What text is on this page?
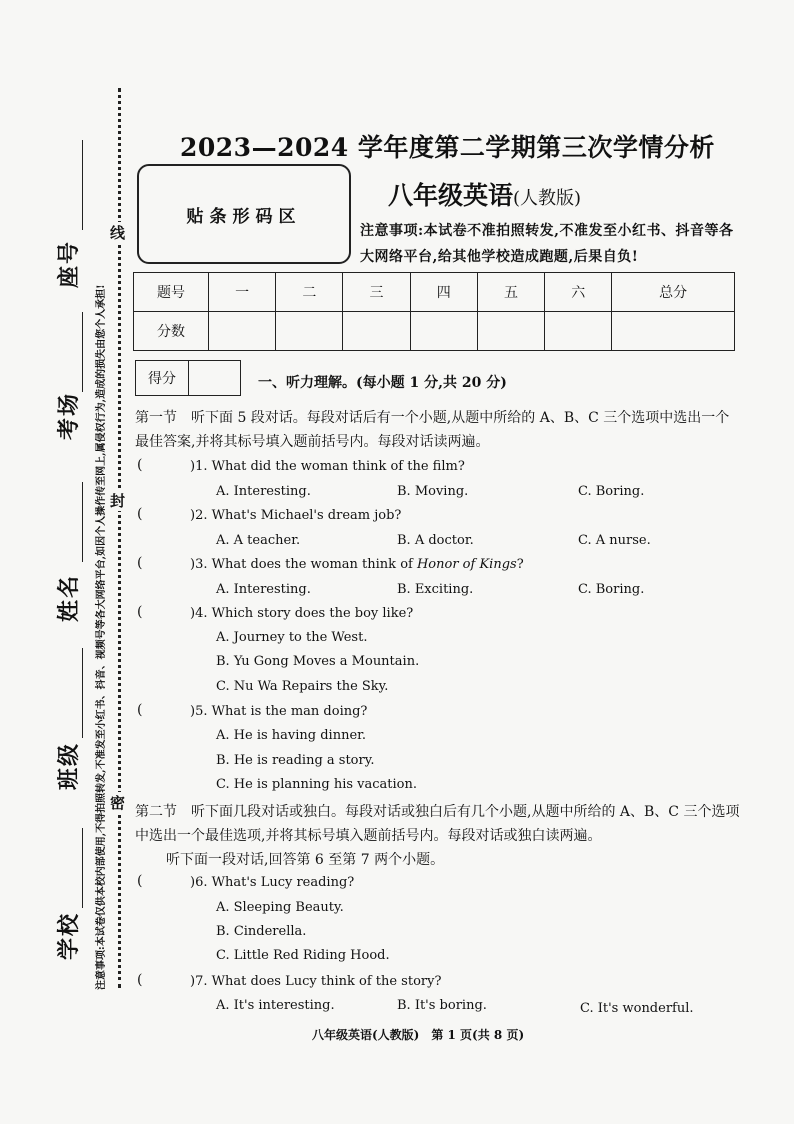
座号
考场
姓名
班级
学校	注意事项:本试卷仅供本校内部使用,不得拍照转发,不准发至小红书、抖音、视频号等各大网络平台,如因个人操作传至网上,属侵权行为,造成的损失由您个人承担!
线
封
密
2023—2024 学年度第二学期第三次学情分析
贴条形码区
八年级英语(人教版)
注意事项:本试卷不准拍照转发,不准发至小红书、抖音等各大网络平台,给其他学校造成跑题,后果自负!
题号	一	二	三	四	五	六	总分
分数							
得分	一、听力理解。(每小题 1 分,共 20 分)
第一节　听下面 5 段对话。每段对话后有一个小题,从题中所给的 A、B、C 三个选项中选出一个最佳答案,并将其标号填入题前括号内。每段对话读两遍。
(	)1. What did the woman think of the film?
A. Interesting.	B. Moving.	C. Boring.
(	)2. What's Michael's dream job?
A. A teacher.	B. A doctor.	C. A nurse.
(	)3. What does the woman think of Honor of Kings?
A. Interesting.	B. Exciting.	C. Boring.
(	)4. Which story does the boy like?
A. Journey to the West.
B. Yu Gong Moves a Mountain.
C. Nu Wa Repairs the Sky.
(	)5. What is the man doing?
A. He is having dinner.
B. He is reading a story.
C. He is planning his vacation.
第二节　听下面几段对话或独白。每段对话或独白后有几个小题,从题中所给的 A、B、C 三个选项中选出一个最佳选项,并将其标号填入题前括号内。每段对话或独白读两遍。
听下面一段对话,回答第 6 至第 7 两个小题。
(	)6. What's Lucy reading?
A. Sleeping Beauty.
B. Cinderella.
C. Little Red Riding Hood.
(	)7. What does Lucy think of the story?
A. It's interesting.	B. It's boring.	C. It's wonderful.
八年级英语(人教版)　第 1 页(共 8 页)
